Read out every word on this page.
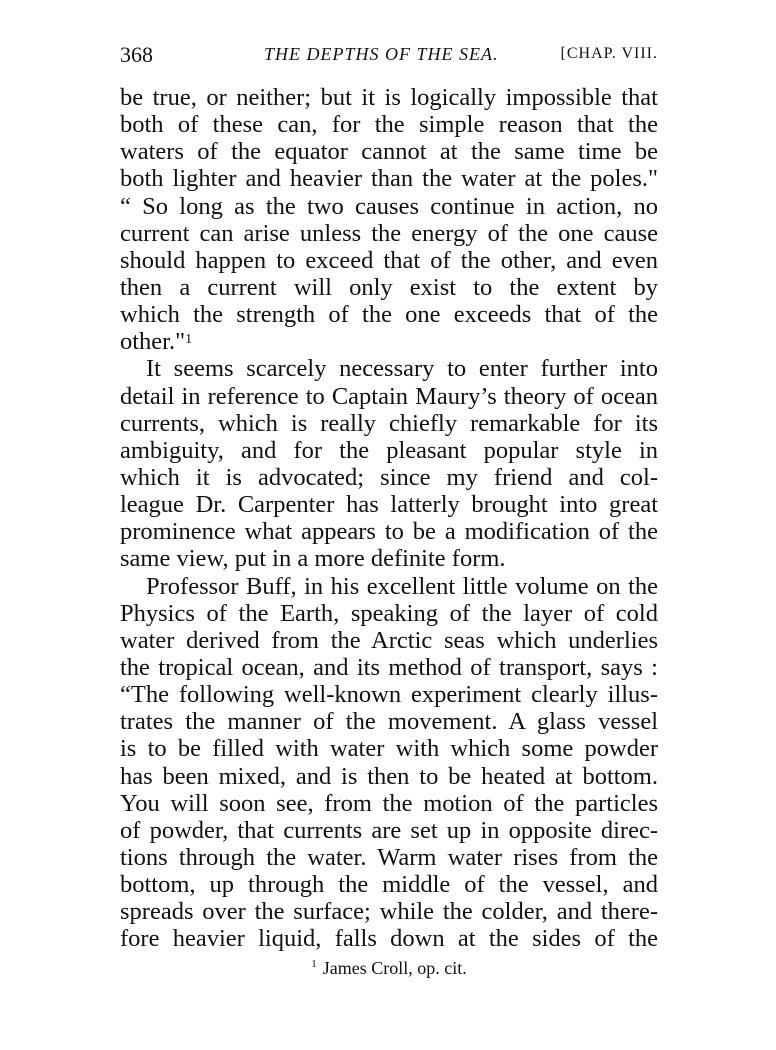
368	THE DEPTHS OF THE SEA.	[CHAP. VIII.
be true, or neither; but it is logically impossible that
both of these can, for the simple reason that the
waters of the equator cannot at the same time be
both lighter and heavier than the water at the poles."
“ So long as the two causes continue in action, no
current can arise unless the energy of the one cause
should happen to exceed that of the other, and even
then a current will only exist to the extent by
which the strength of the one exceeds that of the
other."$^1$
It seems scarcely necessary to enter further into
detail in reference to Captain Maury’s theory of ocean
currents, which is really chiefly remarkable for its
ambiguity, and for the pleasant popular style in
which it is advocated; since my friend and col-
league Dr. Carpenter has latterly brought into great
prominence what appears to be a modification of the
same view, put in a more definite form.
Professor Buff, in his excellent little volume on the
Physics of the Earth, speaking of the layer of cold
water derived from the Arctic seas which underlies
the tropical ocean, and its method of transport, says :
“The following well-known experiment clearly illus-
trates the manner of the movement. A glass vessel
is to be filled with water with which some powder
has been mixed, and is then to be heated at bottom.
You will soon see, from the motion of the particles
of powder, that currents are set up in opposite direc-
tions through the water. Warm water rises from the
bottom, up through the middle of the vessel, and
spreads over the surface; while the colder, and there-
fore heavier liquid, falls down at the sides of the
$^1$ James Croll, op. cit.
